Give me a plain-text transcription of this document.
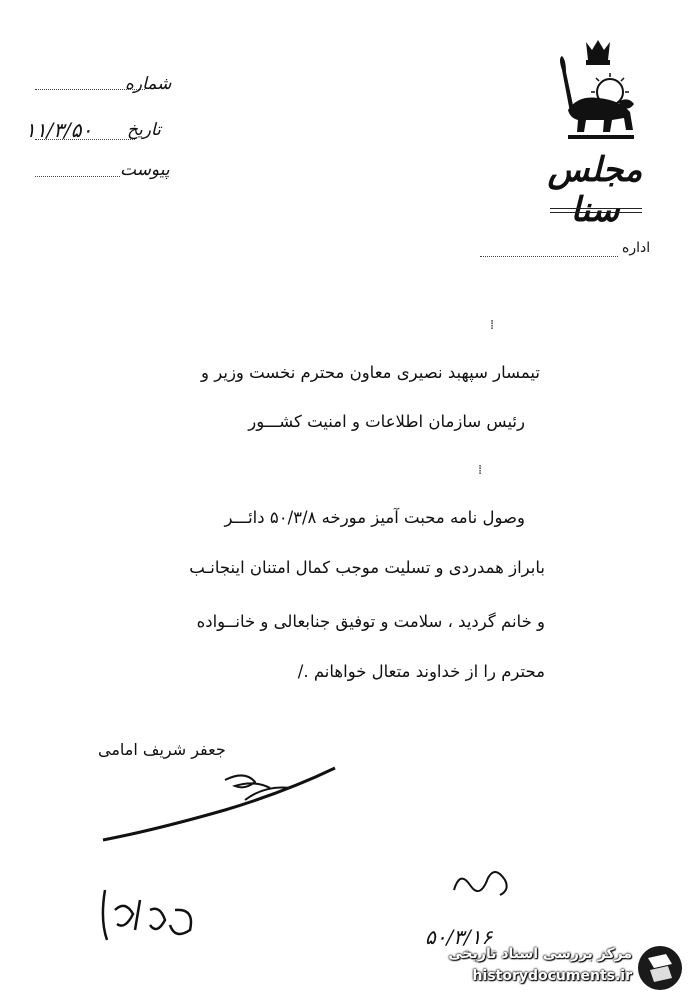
مجلس سنا
شماره
تاریخ
۱۱/۳/۵۰
پیوست
اداره
⁞
⁞
تیمسار سپهبد نصیری معاون محترم نخست وزیر و
رئیس سازمان اطلاعات و امنیت کشـــور
وصول نامه محبت آمیز مورخه ۵۰/۳/۸ دائـــر
بابراز همدردی و تسلیت موجب کمال امتنان اینجانـب
و خانم گردید ، سلامت و توفیق جنابعالی و خانــواده
محترم را از خداوند متعال خواهانم ./
جعفر شریف امامی
۵۰/۳/۱۶
مرکز بررسی اسناد تاریخی
historydocuments.ir
